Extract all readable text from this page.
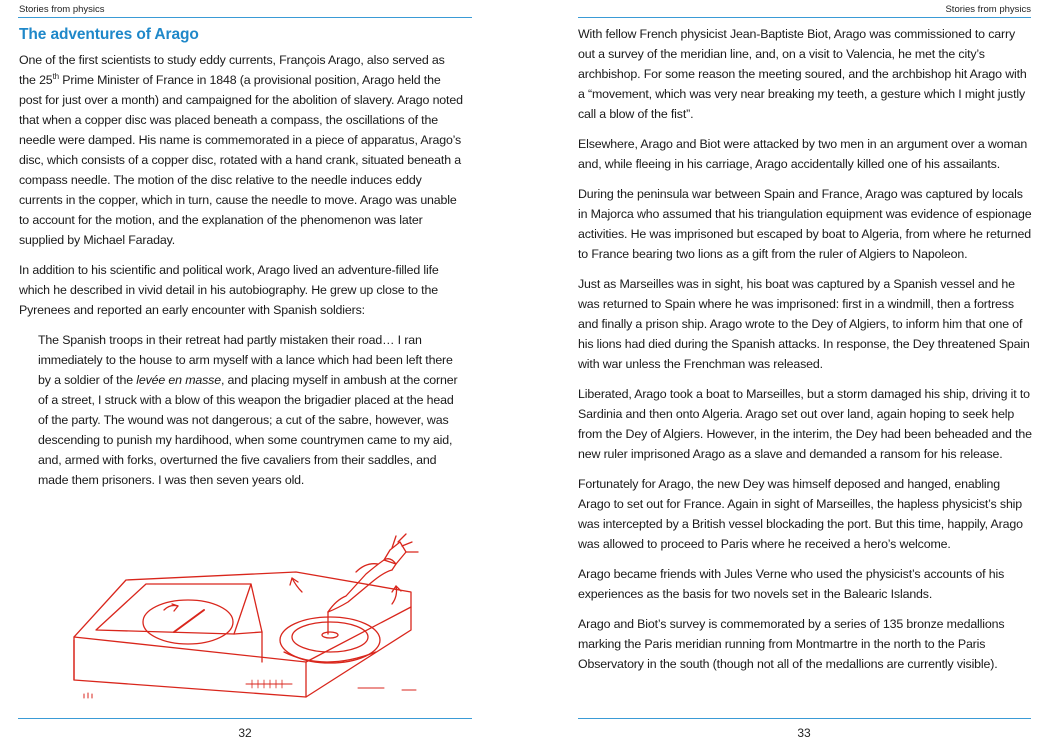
Stories from physics
The adventures of Arago

One of the first scientists to study eddy currents, François Arago, also served as the 25th Prime Minister of France in 1848 (a provisional position, Arago held the post for just over a month) and campaigned for the abolition of slavery. Arago noted that when a copper disc was placed beneath a compass, the oscillations of the needle were damped. His name is commemorated in a piece of apparatus, Arago’s disc, which consists of a copper disc, rotated with a hand crank, situated beneath a compass needle. The motion of the disc relative to the needle induces eddy currents in the copper, which in turn, cause the needle to move. Arago was unable to account for the motion, and the explanation of the phenomenon was later supplied by Michael Faraday.

In addition to his scientific and political work, Arago lived an adventure-filled life which he described in vivid detail in his autobiography. He grew up close to the Pyrenees and reported an early encounter with Spanish soldiers:

The Spanish troops in their retreat had partly mistaken their road… I ran immediately to the house to arm myself with a lance which had been left there by a soldier of the levée en masse, and placing myself in ambush at the corner of a street, I struck with a blow of this weapon the brigadier placed at the head of the party. The wound was not dangerous; a cut of the sabre, however, was descending to punish my hardihood, when some countrymen came to my aid, and, armed with forks, overturned the five cavaliers from their saddles, and made them prisoners. I was then seven years old.

32
Stories from physics

With fellow French physicist Jean-Baptiste Biot, Arago was commissioned to carry out a survey of the meridian line, and, on a visit to Valencia, he met the city’s archbishop. For some reason the meeting soured, and the archbishop hit Arago with a “movement, which was very near breaking my teeth, a gesture which I might justly call a blow of the fist”.

Elsewhere, Arago and Biot were attacked by two men in an argument over a woman and, while fleeing in his carriage, Arago accidentally killed one of his assailants.

During the peninsula war between Spain and France, Arago was captured by locals in Majorca who assumed that his triangulation equipment was evidence of espionage activities. He was imprisoned but escaped by boat to Algeria, from where he returned to France bearing two lions as a gift from the ruler of Algiers to Napoleon.

Just as Marseilles was in sight, his boat was captured by a Spanish vessel and he was returned to Spain where he was imprisoned: first in a windmill, then a fortress and finally a prison ship. Arago wrote to the Dey of Algiers, to inform him that one of his lions had died during the Spanish attacks. In response, the Dey threatened Spain with war unless the Frenchman was released.

Liberated, Arago took a boat to Marseilles, but a storm damaged his ship, driving it to Sardinia and then onto Algeria. Arago set out over land, again hoping to seek help from the Dey of Algiers. However, in the interim, the Dey had been beheaded and the new ruler imprisoned Arago as a slave and demanded a ransom for his release.

Fortunately for Arago, the new Dey was himself deposed and hanged, enabling Arago to set out for France. Again in sight of Marseilles, the hapless physicist’s ship was intercepted by a British vessel blockading the port. But this time, happily, Arago was allowed to proceed to Paris where he received a hero’s welcome.

Arago became friends with Jules Verne who used the physicist’s accounts of his experiences as the basis for two novels set in the Balearic Islands.

Arago and Biot’s survey is commemorated by a series of 135 bronze medallions marking the Paris meridian running from Montmartre in the north to the Paris Observatory in the south (though not all of the medallions are currently visible).

33
